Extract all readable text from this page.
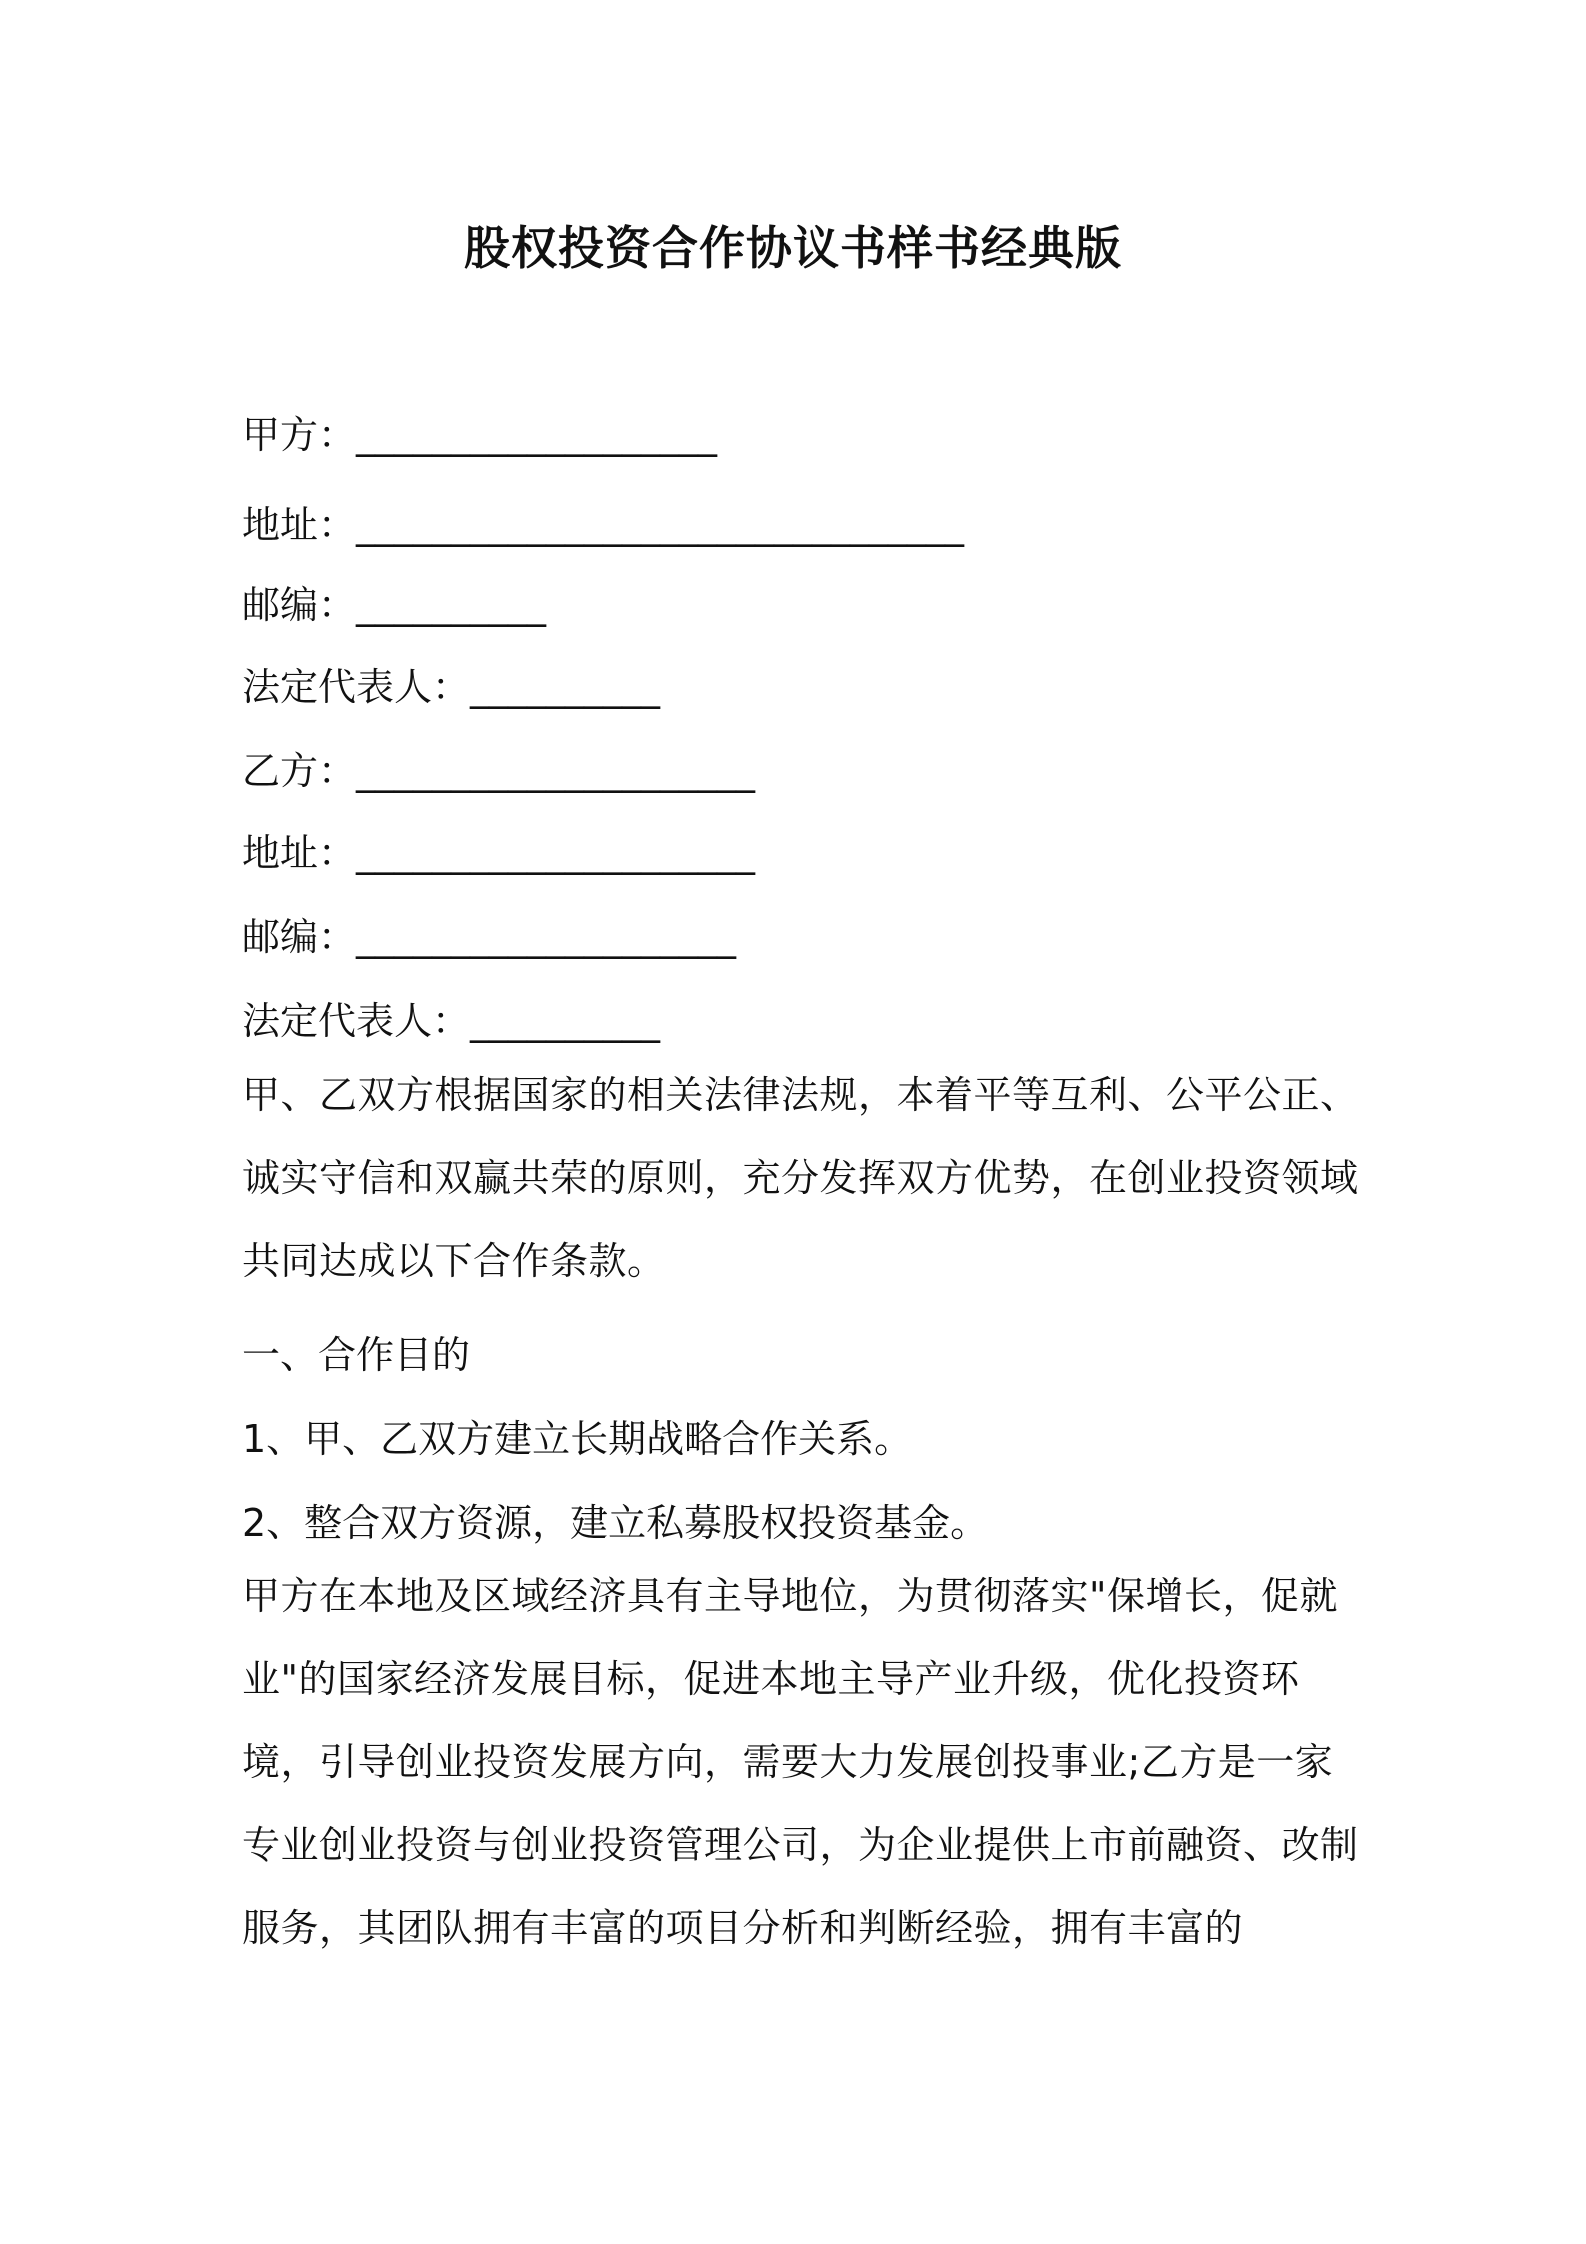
股权投资合作协议书样书经典版
甲方：___________________
地址：________________________________
邮编：__________
法定代表人：__________
乙方：_____________________
地址：_____________________
邮编：____________________
法定代表人：__________

甲、乙双方根据国家的相关法律法规，本着平等互利、公平公正、诚实守信和双赢共荣的原则，充分发挥双方优势，在创业投资领域共同达成以下合作条款。

一、合作目的
1、甲、乙双方建立长期战略合作关系。
2、整合双方资源，建立私募股权投资基金。

甲方在本地及区域经济具有主导地位，为贯彻落实"保增长，促就业"的国家经济发展目标，促进本地主导产业升级，优化投资环境，引导创业投资发展方向，需要大力发展创投事业;乙方是一家专业创业投资与创业投资管理公司，为企业提供上市前融资、改制服务，其团队拥有丰富的项目分析和判断经验，拥有丰富的
